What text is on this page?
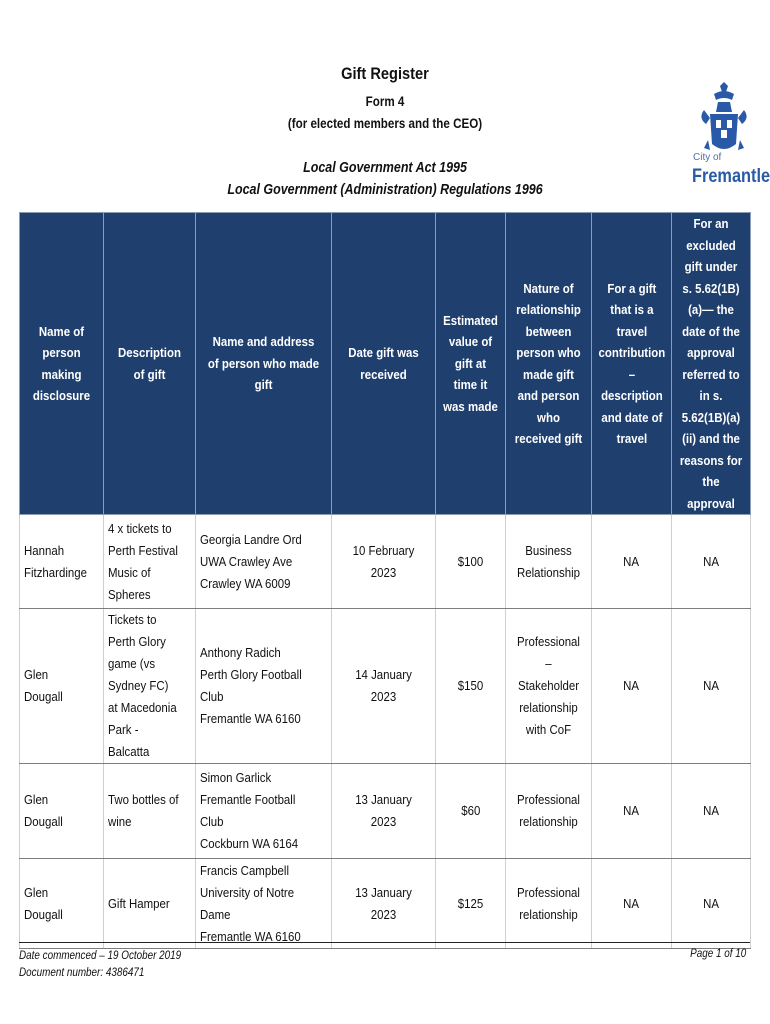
Gift Register
Form 4
(for elected members and the CEO)
Local Government Act 1995
Local Government (Administration) Regulations 1996
City of
Fremantle
Name of person making disclosure	Description of gift	Name and address of person who made gift	Date gift was received	Estimated value of gift at time it was made	Nature of relationship between person who made gift and person who received gift	For a gift that is a travel contribution – description and date of travel	For an excluded gift under s. 5.62(1B)(a)— the date of the approval referred to in s. 5.62(1B)(a)(ii) and the reasons for the approval
Hannah Fitzhardinge	4 x tickets to Perth Festival Music of Spheres	Georgia Landre Ord
UWA Crawley Ave
Crawley WA 6009	10 February 2023	$100	Business Relationship	NA	NA
Glen Dougall	Tickets to Perth Glory game (vs Sydney FC) at Macedonia Park - Balcatta	Anthony Radich
Perth Glory Football Club
Fremantle WA 6160	14 January 2023	$150	Professional – Stakeholder relationship with CoF	NA	NA
Glen Dougall	Two bottles of wine	Simon Garlick
Fremantle Football Club
Cockburn WA 6164	13 January 2023	$60	Professional relationship	NA	NA
Glen Dougall	Gift Hamper	Francis Campbell
University of Notre Dame
Fremantle WA 6160	13 January 2023	$125	Professional relationship	NA	NA
Date commenced – 19 October 2019
Document number: 4386471
Page 1 of 10
